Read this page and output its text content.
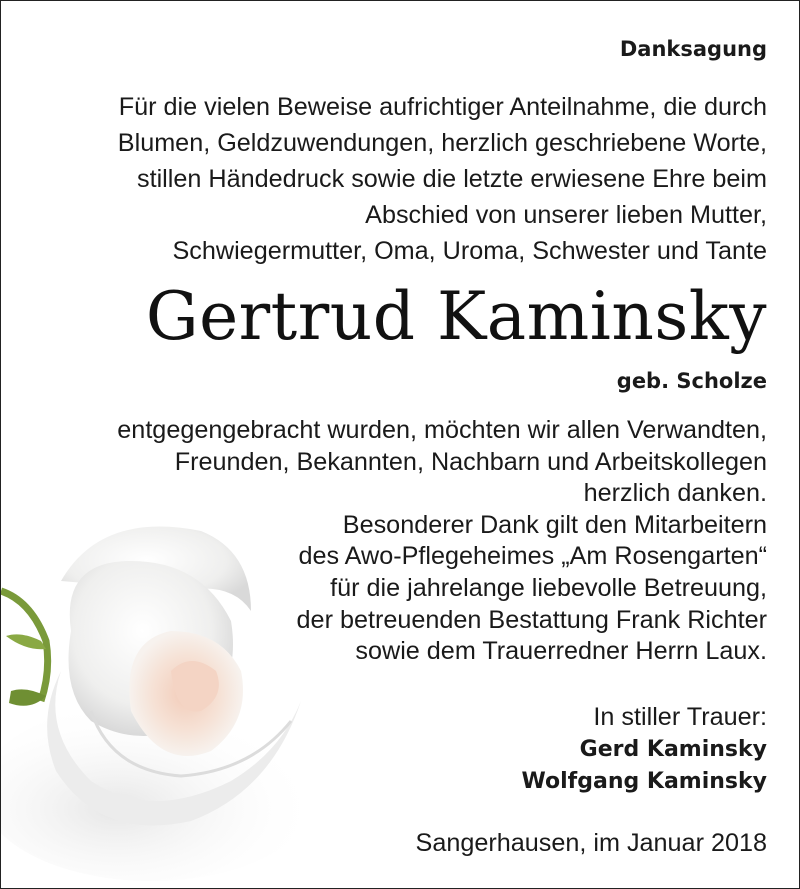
Danksagung

Für die vielen Beweise aufrichtiger Anteilnahme, die durch
Blumen, Geldzuwendungen, herzlich geschriebene Worte,
stillen Händedruck sowie die letzte erwiesene Ehre beim
Abschied von unserer lieben Mutter,
Schwiegermutter, Oma, Uroma, Schwester und Tante

Gertrud Kaminsky
geb. Scholze

entgegengebracht wurden, möchten wir allen Verwandten,
Freunden, Bekannten, Nachbarn und Arbeitskollegen
herzlich danken.
Besonderer Dank gilt den Mitarbeitern
des Awo-Pflegeheimes „Am Rosengarten“
für die jahrelange liebevolle Betreuung,
der betreuenden Bestattung Frank Richter
sowie dem Trauerredner Herrn Laux.

In stiller Trauer:
Gerd Kaminsky
Wolfgang Kaminsky
Sangerhausen, im Januar 2018
